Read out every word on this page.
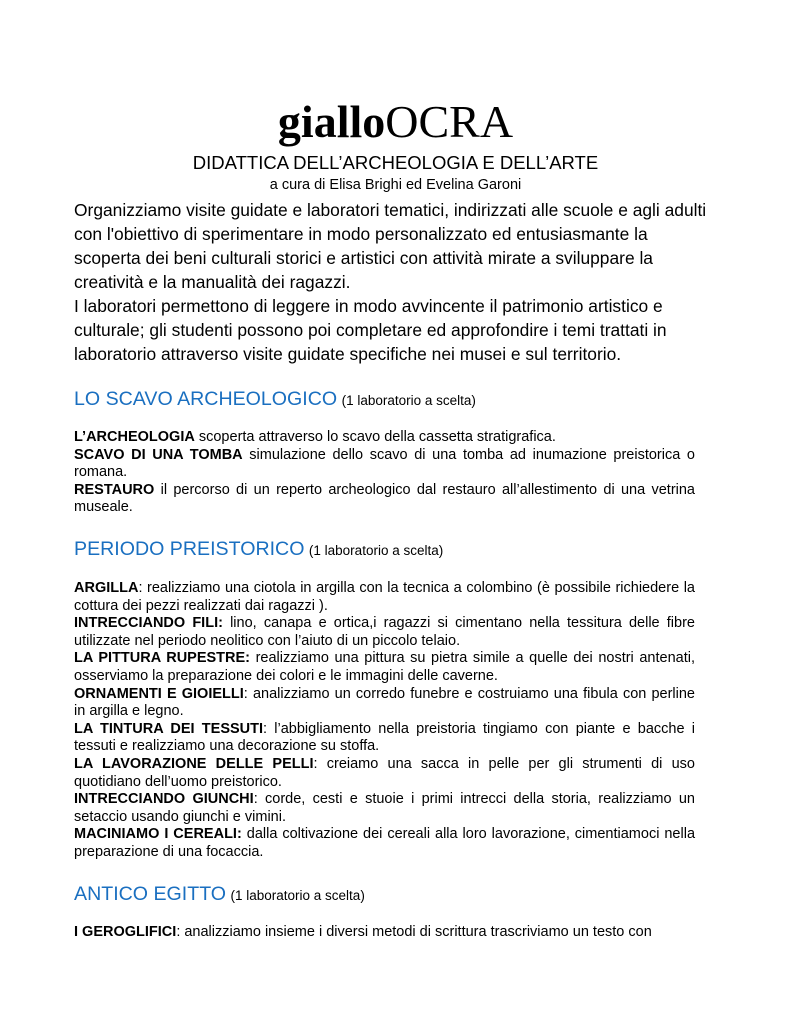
gialloOCRA
DIDATTICA DELL’ARCHEOLOGIA E DELL’ARTE
a cura di Elisa Brighi ed Evelina Garoni

Organizziamo visite guidate e laboratori tematici, indirizzati alle scuole e agli adulti con l'obiettivo di sperimentare in modo personalizzato ed entusiasmante la scoperta dei beni culturali storici e artistici con attività mirate a sviluppare la creatività e la manualità dei ragazzi.

I laboratori permettono di leggere in modo avvincente il patrimonio artistico e culturale; gli studenti possono poi completare ed approfondire i temi trattati in laboratorio attraverso visite guidate specifiche nei musei e sul territorio.

LO SCAVO ARCHEOLOGICO (1 laboratorio a scelta)

L’ARCHEOLOGIA scoperta attraverso lo scavo della cassetta stratigrafica.

SCAVO DI UNA TOMBA simulazione dello scavo di una tomba ad inumazione preistorica o romana.

RESTAURO il percorso di un reperto archeologico dal restauro all’allestimento di una vetrina museale.

PERIODO PREISTORICO (1 laboratorio a scelta)

ARGILLA: realizziamo una ciotola in argilla con la tecnica a colombino (è possibile richiedere la cottura dei pezzi realizzati dai ragazzi ).

INTRECCIANDO FILI: lino, canapa e ortica,i ragazzi si cimentano nella tessitura delle fibre utilizzate nel periodo neolitico con l’aiuto di un piccolo telaio.

LA PITTURA RUPESTRE: realizziamo una pittura su pietra simile a quelle dei nostri antenati, osserviamo la preparazione dei colori e le immagini delle caverne.

ORNAMENTI E GIOIELLI: analizziamo un corredo funebre e costruiamo una fibula con perline in argilla e legno.

LA TINTURA DEI TESSUTI: l’abbigliamento nella preistoria tingiamo con piante e bacche i tessuti e realizziamo una decorazione su stoffa.

LA LAVORAZIONE DELLE PELLI: creiamo una sacca in pelle per gli strumenti di uso quotidiano dell’uomo preistorico.

INTRECCIANDO GIUNCHI: corde, cesti e stuoie i primi intrecci della storia, realizziamo un setaccio usando giunchi e vimini.

MACINIAMO I CEREALI: dalla coltivazione dei cereali alla loro lavorazione, cimentiamoci nella preparazione di una focaccia.

ANTICO EGITTO (1 laboratorio a scelta)

I GEROGLIFICI: analizziamo insieme i diversi metodi di scrittura trascriviamo un testo con
